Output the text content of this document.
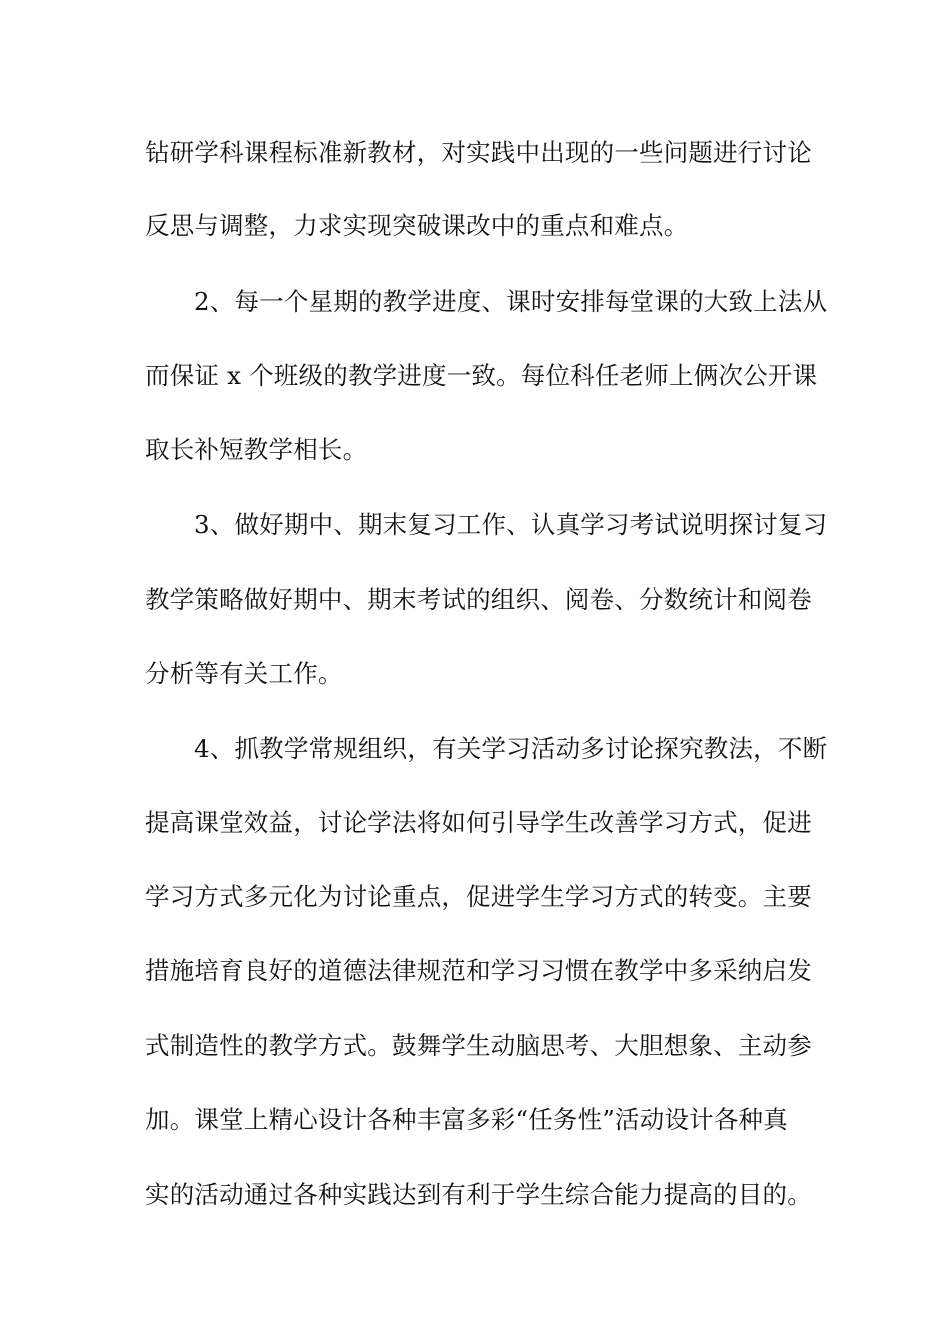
钻研学科课程标准新教材，对实践中出现的一些问题进行讨论
反思与调整，力求实现突破课改中的重点和难点。
2、每一个星期的教学进度、课时安排每堂课的大致上法从
而保证 x 个班级的教学进度一致。每位科任老师上俩次公开课
取长补短教学相长。
3、做好期中、期末复习工作、认真学习考试说明探讨复习
教学策略做好期中、期末考试的组织、阅卷、分数统计和阅卷
分析等有关工作。
4、抓教学常规组织，有关学习活动多讨论探究教法，不断
提高课堂效益，讨论学法将如何引导学生改善学习方式，促进
学习方式多元化为讨论重点，促进学生学习方式的转变。主要
措施培育良好的道德法律规范和学习习惯在教学中多采纳启发
式制造性的教学方式。鼓舞学生动脑思考、大胆想象、主动参
加。课堂上精心设计各种丰富多彩“任务性”活动设计各种真
实的活动通过各种实践达到有利于学生综合能力提高的目的。
